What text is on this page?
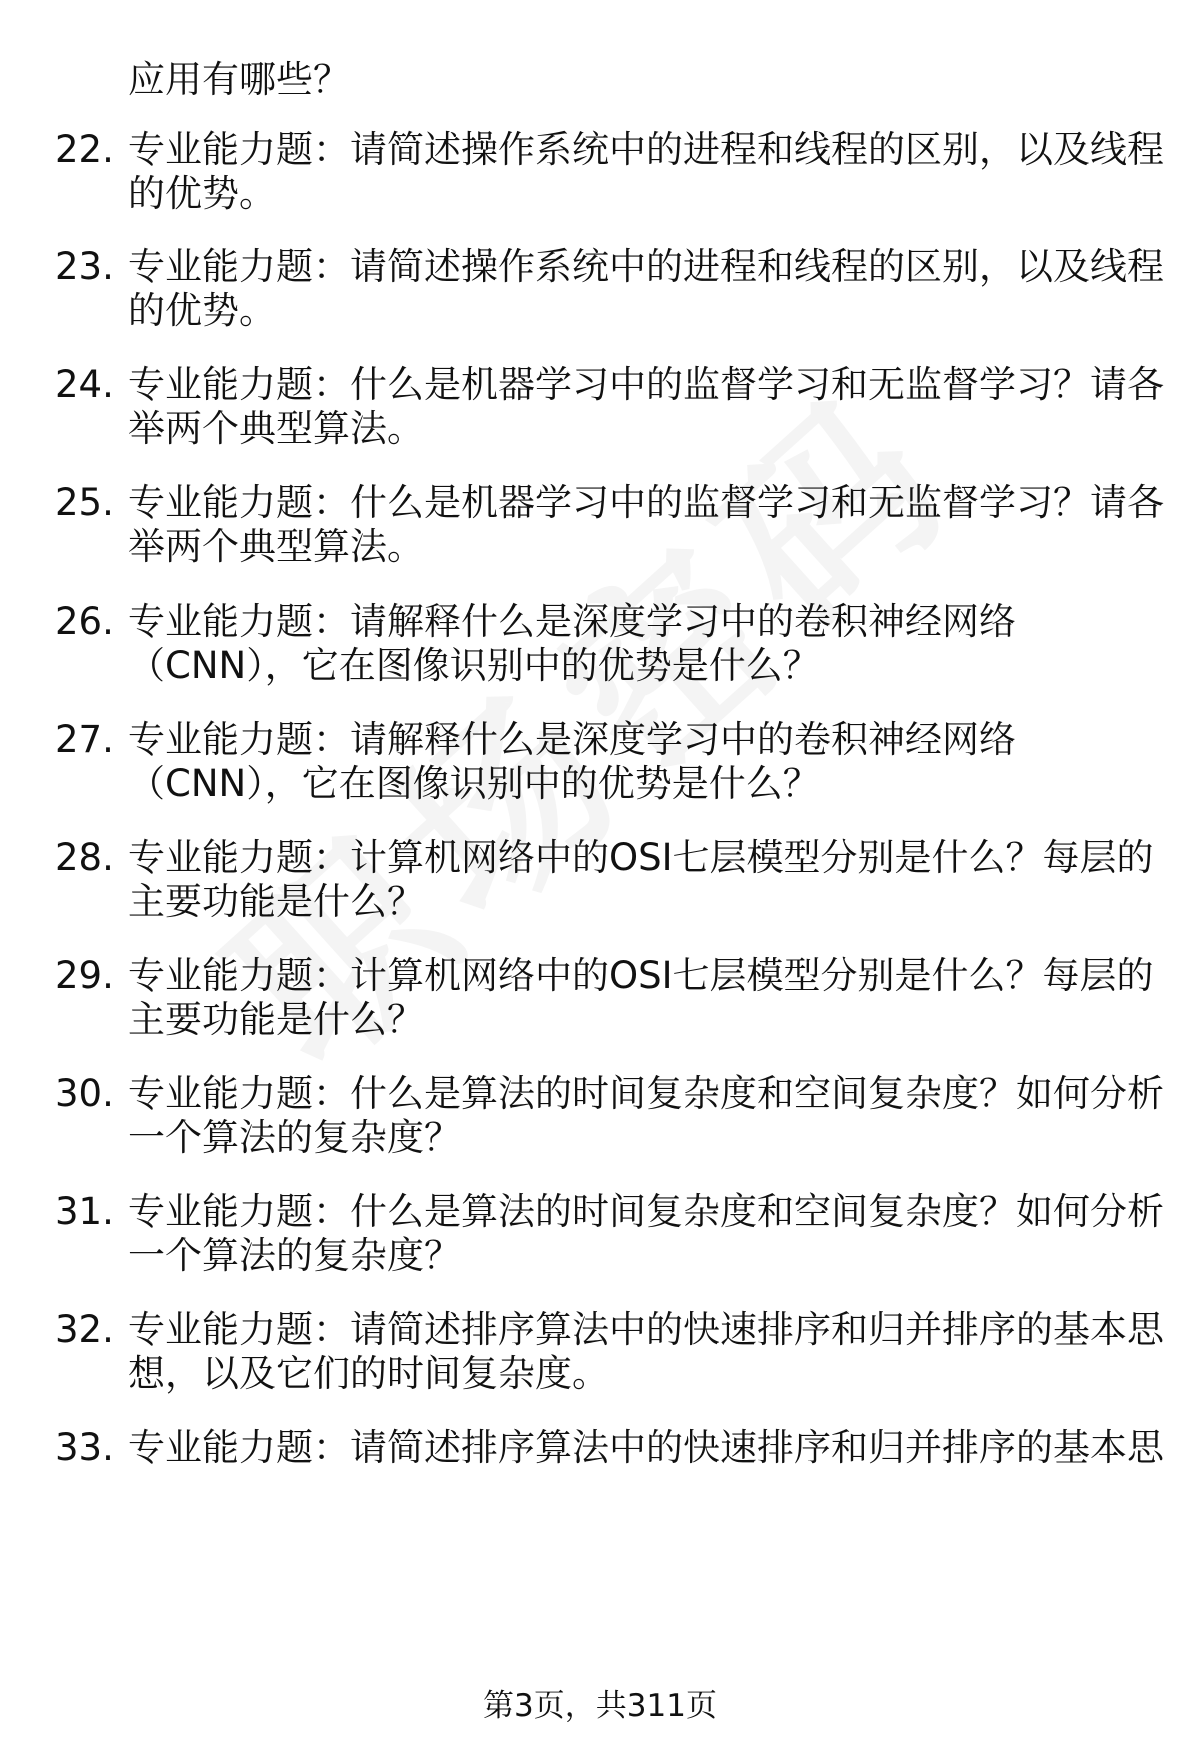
应用有哪些？
22. 专业能力题：请简述操作系统中的进程和线程的区别，以及线程
的优势。
23. 专业能力题：请简述操作系统中的进程和线程的区别，以及线程
的优势。
24. 专业能力题：什么是机器学习中的监督学习和无监督学习？请各
举两个典型算法。
25. 专业能力题：什么是机器学习中的监督学习和无监督学习？请各
举两个典型算法。
26. 专业能力题：请解释什么是深度学习中的卷积神经网络
（CNN），它在图像识别中的优势是什么？
27. 专业能力题：请解释什么是深度学习中的卷积神经网络
（CNN），它在图像识别中的优势是什么？
28. 专业能力题：计算机网络中的OSI七层模型分别是什么？每层的
主要功能是什么？
29. 专业能力题：计算机网络中的OSI七层模型分别是什么？每层的
主要功能是什么？
30. 专业能力题：什么是算法的时间复杂度和空间复杂度？如何分析
一个算法的复杂度？
31. 专业能力题：什么是算法的时间复杂度和空间复杂度？如何分析
一个算法的复杂度？
32. 专业能力题：请简述排序算法中的快速排序和归并排序的基本思
想，以及它们的时间复杂度。
33. 专业能力题：请简述排序算法中的快速排序和归并排序的基本思
第3页，共311页
